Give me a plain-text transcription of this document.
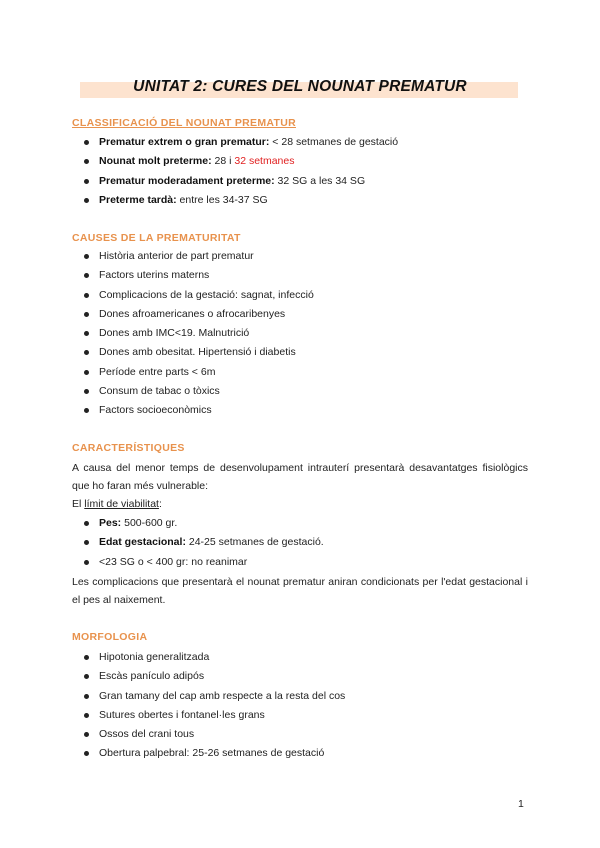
UNITAT 2: CURES DEL NOUNAT PREMATUR
CLASSIFICACIÓ DEL NOUNAT PREMATUR
Prematur extrem o gran prematur: < 28 setmanes de gestació
Nounat molt preterme: 28 i 32 setmanes
Prematur moderadament preterme: 32 SG a les 34 SG
Preterme tardà: entre les 34-37 SG
CAUSES DE LA PREMATURITAT
Història anterior de part prematur
Factors uterins materns
Complicacions de la gestació: sagnat, infecció
Dones afroamericanes o afrocaribenyes
Dones amb IMC<19. Malnutrició
Dones amb obesitat. Hipertensió i diabetis
Període entre parts < 6m
Consum de tabac o tòxics
Factors socioeconòmics
CARACTERÍSTIQUES
A causa del menor temps de desenvolupament intrauterí presentarà desavantatges fisiològics que ho faran més vulnerable:
El límit de viabilitat:
Pes: 500-600 gr.
Edat gestacional: 24-25 setmanes de gestació.
<23 SG o < 400 gr: no reanimar
Les complicacions que presentarà el nounat prematur aniran condicionats per l'edat gestacional i el pes al naixement.
MORFOLOGIA
Hipotonia generalitzada
Escàs panículo adipós
Gran tamany del cap amb respecte a la resta del cos
Sutures obertes i fontanel·les grans
Ossos del crani tous
Obertura palpebral: 25-26 setmanes de gestació
1
